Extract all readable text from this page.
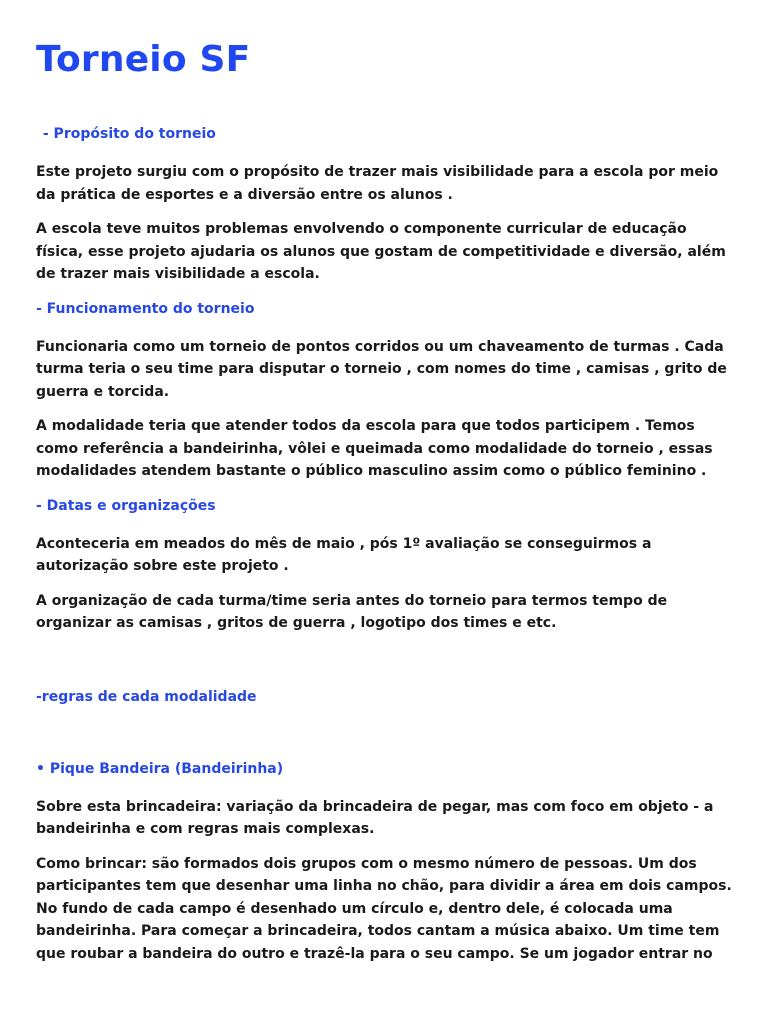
Torneio SF
- Propósito do torneio

Este projeto surgiu com o propósito de trazer mais visibilidade para a escola por meio da prática de esportes e a diversão entre os alunos .

A escola teve muitos problemas envolvendo o componente curricular de educação física, esse projeto ajudaria os alunos que gostam de competitividade e diversão, além de trazer mais visibilidade a escola.

- Funcionamento do torneio

Funcionaria como um torneio de pontos corridos ou um chaveamento de turmas . Cada turma teria o seu time para disputar o torneio , com nomes do time , camisas , grito de guerra e torcida.

A modalidade teria que atender todos da escola para que todos participem . Temos como referência a bandeirinha, vôlei e queimada como modalidade do torneio , essas modalidades atendem bastante o público masculino assim como o público feminino .

- Datas e organizações

Aconteceria em meados do mês de maio , pós 1º avaliação se conseguirmos a autorização sobre este projeto .

A organização de cada turma/time seria antes do torneio para termos tempo de organizar as camisas , gritos de guerra , logotipo dos times e etc.

-regras de cada modalidade
• Pique Bandeira (Bandeirinha)

Sobre esta brincadeira: variação da brincadeira de pegar, mas com foco em objeto - a bandeirinha e com regras mais complexas.

Como brincar: são formados dois grupos com o mesmo número de pessoas. Um dos participantes tem que desenhar uma linha no chão, para dividir a área em dois campos. No fundo de cada campo é desenhado um círculo e, dentro dele, é colocada uma bandeirinha. Para começar a brincadeira, todos cantam a música abaixo. Um time tem que roubar a bandeira do outro e trazê-la para o seu campo. Se um jogador entrar no
